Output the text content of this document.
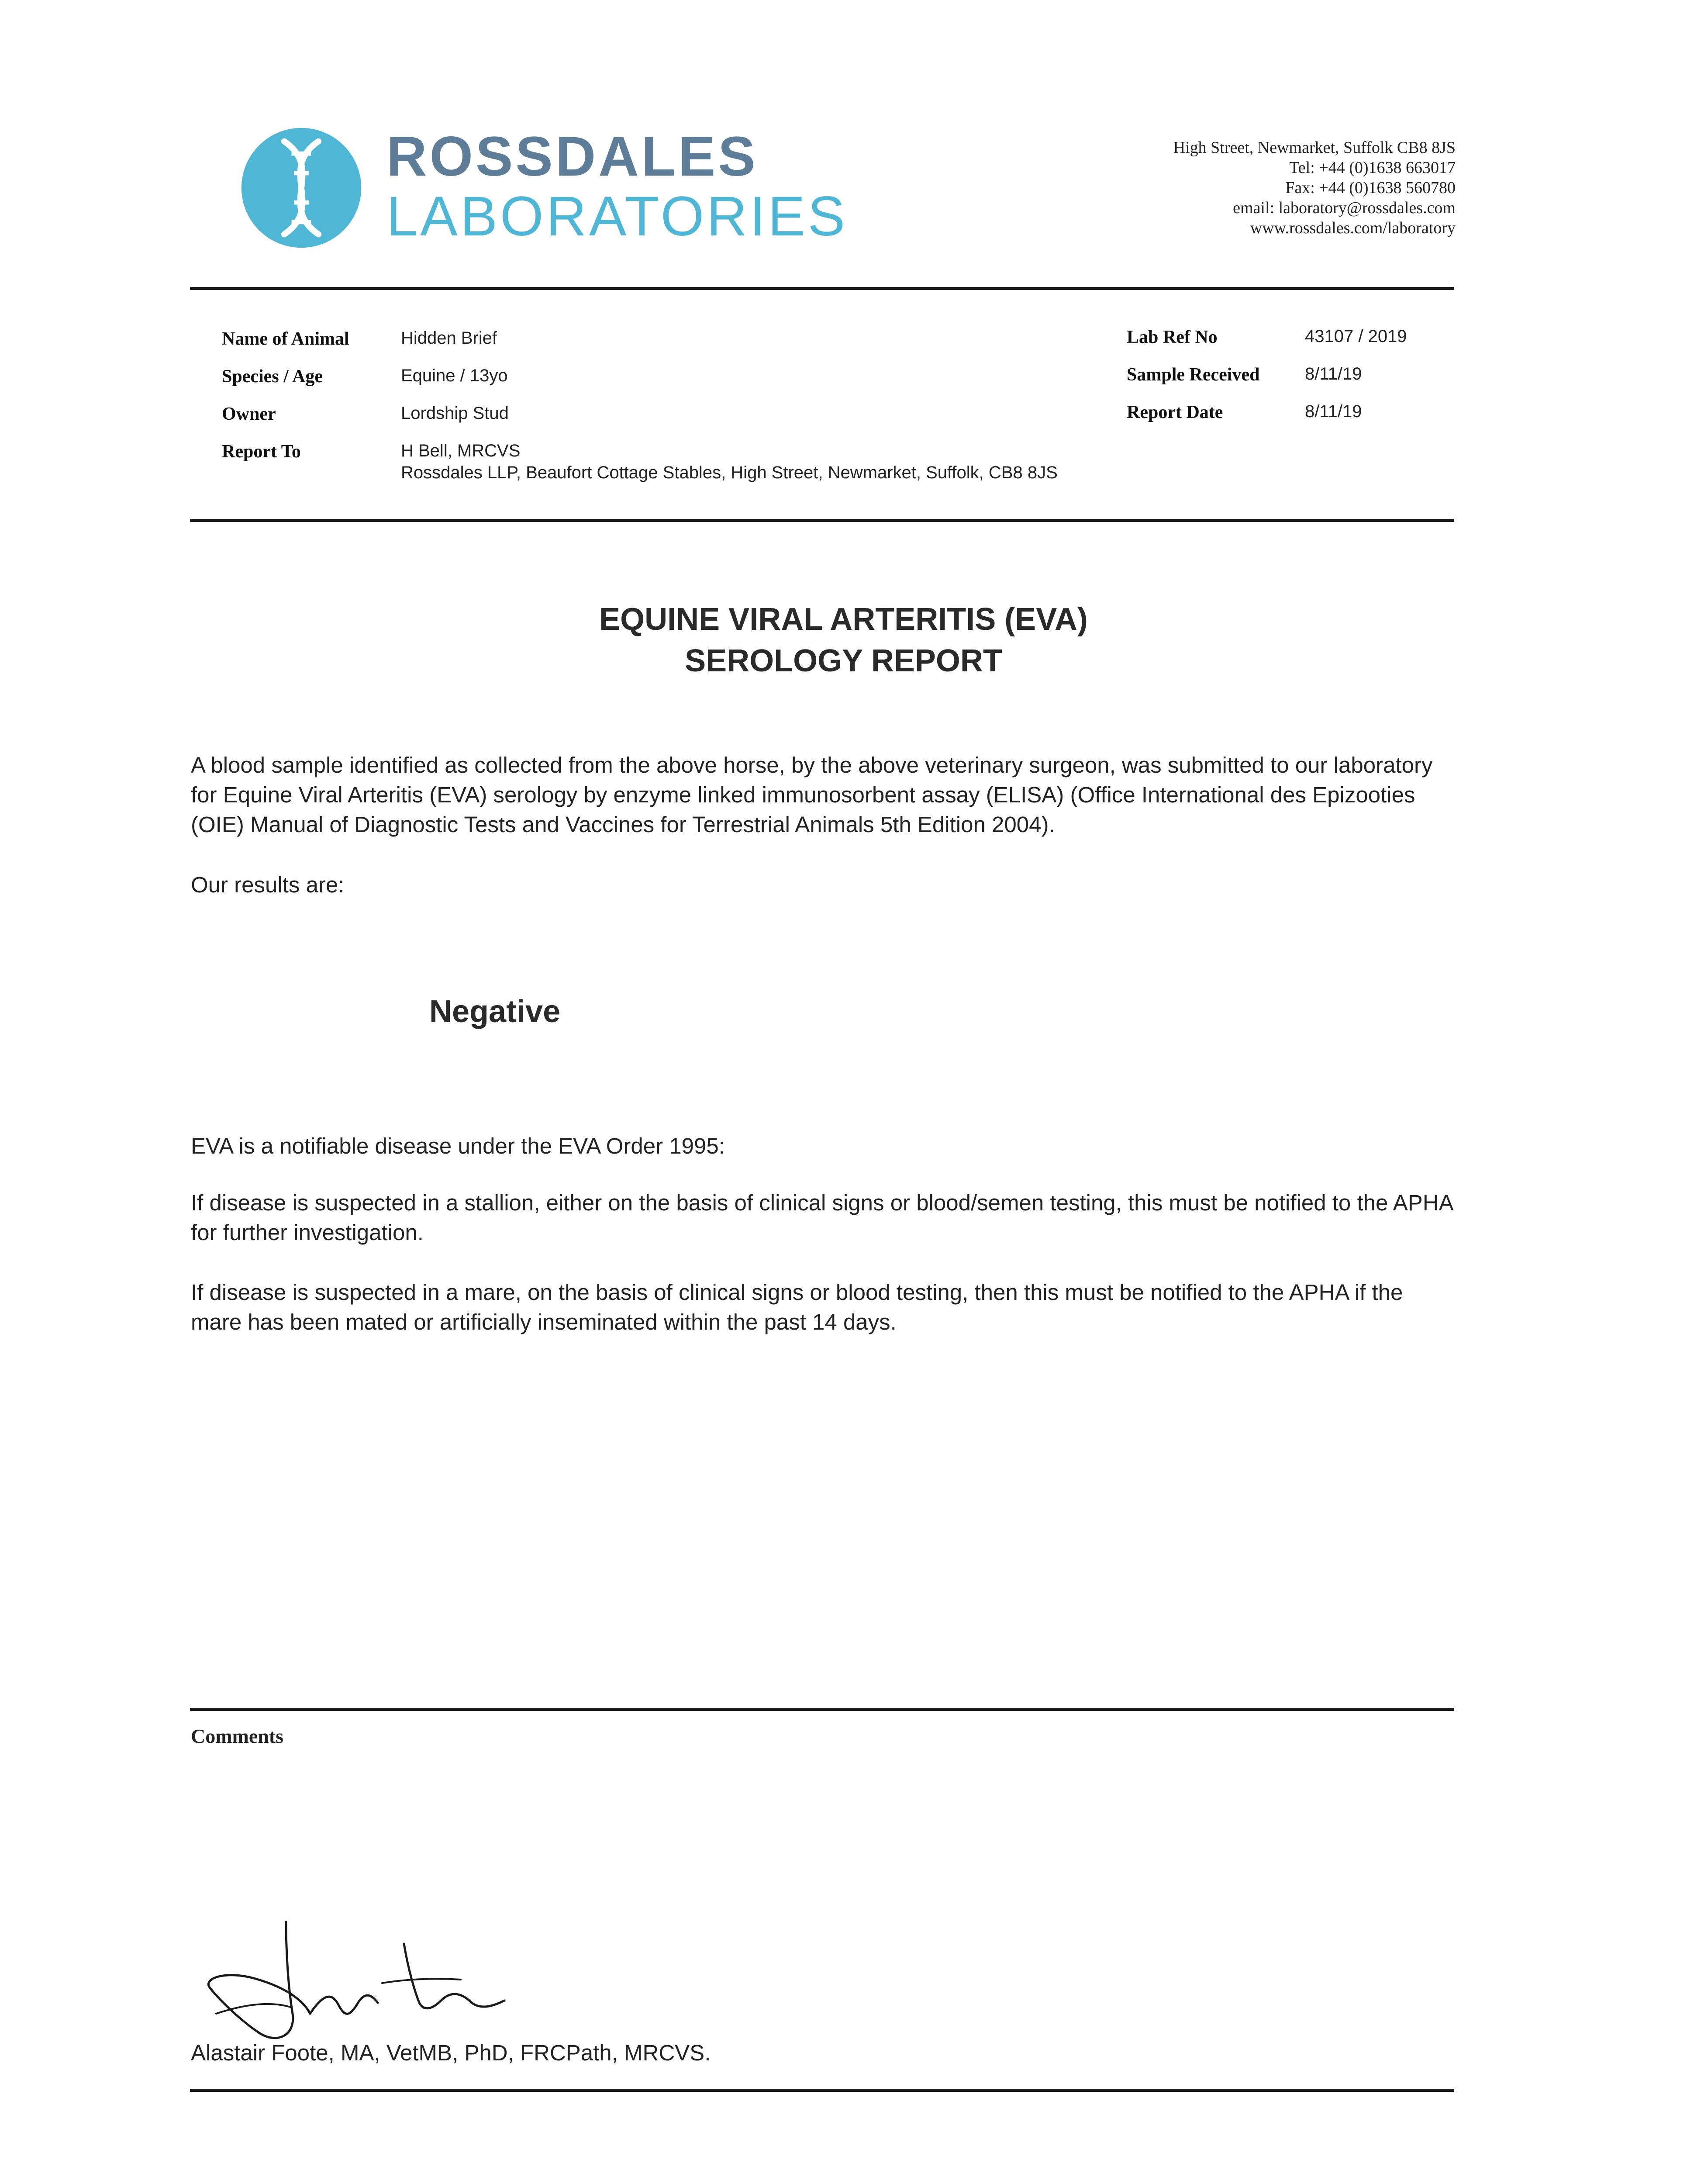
ROSSDALES
LABORATORIES
High Street, Newmarket, Suffolk CB8 8JS
Tel: +44 (0)1638 663017
Fax: +44 (0)1638 560780
email: laboratory@rossdales.com
www.rossdales.com/laboratory
Name of Animal	Hidden Brief
Species / Age	Equine / 13yo
Owner	Lordship Stud
Report To	H Bell, MRCVS
Rossdales LLP, Beaufort Cottage Stables, High Street, Newmarket, Suffolk, CB8 8JS
Lab Ref No	43107 / 2019
Sample Received	8/11/19
Report Date	8/11/19
EQUINE VIRAL ARTERITIS (EVA)
SEROLOGY REPORT
A blood sample identified as collected from the above horse, by the above veterinary surgeon, was submitted to our laboratory for Equine Viral Arteritis (EVA) serology by enzyme linked immunosorbent assay (ELISA) (Office International des Epizooties (OIE) Manual of Diagnostic Tests and Vaccines for Terrestrial Animals 5th Edition 2004).
Our results are:
Negative
EVA is a notifiable disease under the EVA Order 1995:
If disease is suspected in a stallion, either on the basis of clinical signs or blood/semen testing, this must be notified to the APHA for further investigation.
If disease is suspected in a mare, on the basis of clinical signs or blood testing, then this must be notified to the APHA if the mare has been mated or artificially inseminated within the past 14 days.
Comments
Alastair Foote, MA, VetMB, PhD, FRCPath, MRCVS.
